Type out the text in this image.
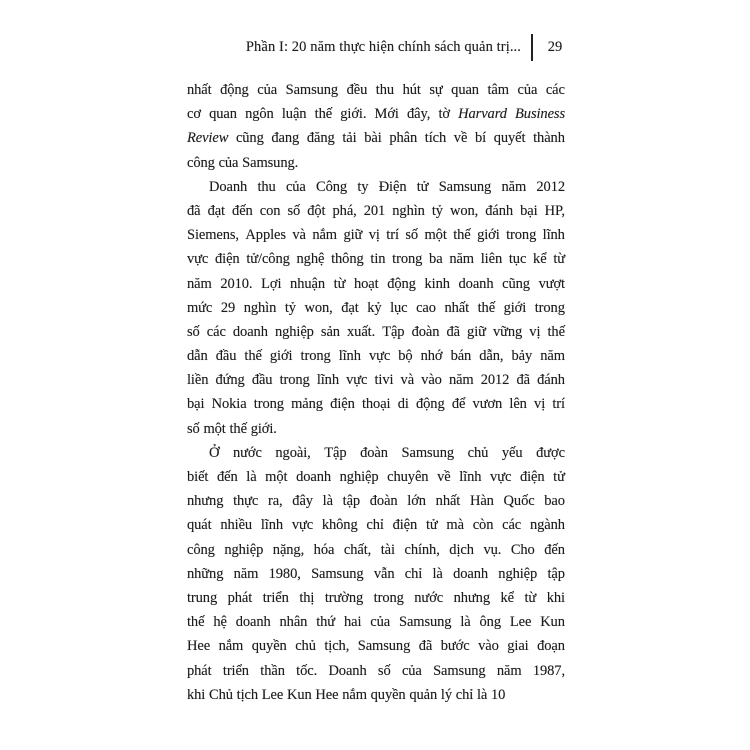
Phần I: 20 năm thực hiện chính sách quản trị... 29
nhất động của Samsung đều thu hút sự quan tâm của các
cơ quan ngôn luận thế giới. Mới đây, tờ Harvard Business
Review cũng đang đăng tải bài phân tích về bí quyết thành
công của Samsung.
Doanh thu của Công ty Điện tử Samsung năm 2012
đã đạt đến con số đột phá, 201 nghìn tỷ won, đánh bại HP,
Siemens, Apples và nắm giữ vị trí số một thế giới trong lĩnh
vực điện tử/công nghệ thông tin trong ba năm liên tục kể từ
năm 2010. Lợi nhuận từ hoạt động kinh doanh cũng vượt
mức 29 nghìn tỷ won, đạt kỷ lục cao nhất thế giới trong
số các doanh nghiệp sản xuất. Tập đoàn đã giữ vững vị thế
dẫn đầu thế giới trong lĩnh vực bộ nhớ bán dẫn, bảy năm
liền đứng đầu trong lĩnh vực tivi và vào năm 2012 đã đánh
bại Nokia trong mảng điện thoại di động để vươn lên vị trí
số một thế giới.
Ở nước ngoài, Tập đoàn Samsung chủ yếu được
biết đến là một doanh nghiệp chuyên về lĩnh vực điện tử
nhưng thực ra, đây là tập đoàn lớn nhất Hàn Quốc bao
quát nhiều lĩnh vực không chỉ điện tử mà còn các ngành
công nghiệp nặng, hóa chất, tài chính, dịch vụ. Cho đến
những năm 1980, Samsung vẫn chỉ là doanh nghiệp tập
trung phát triển thị trường trong nước nhưng kể từ khi
thế hệ doanh nhân thứ hai của Samsung là ông Lee Kun
Hee nắm quyền chủ tịch, Samsung đã bước vào giai đoạn
phát triển thần tốc. Doanh số của Samsung năm 1987,
khi Chủ tịch Lee Kun Hee nắm quyền quản lý chỉ là 10
